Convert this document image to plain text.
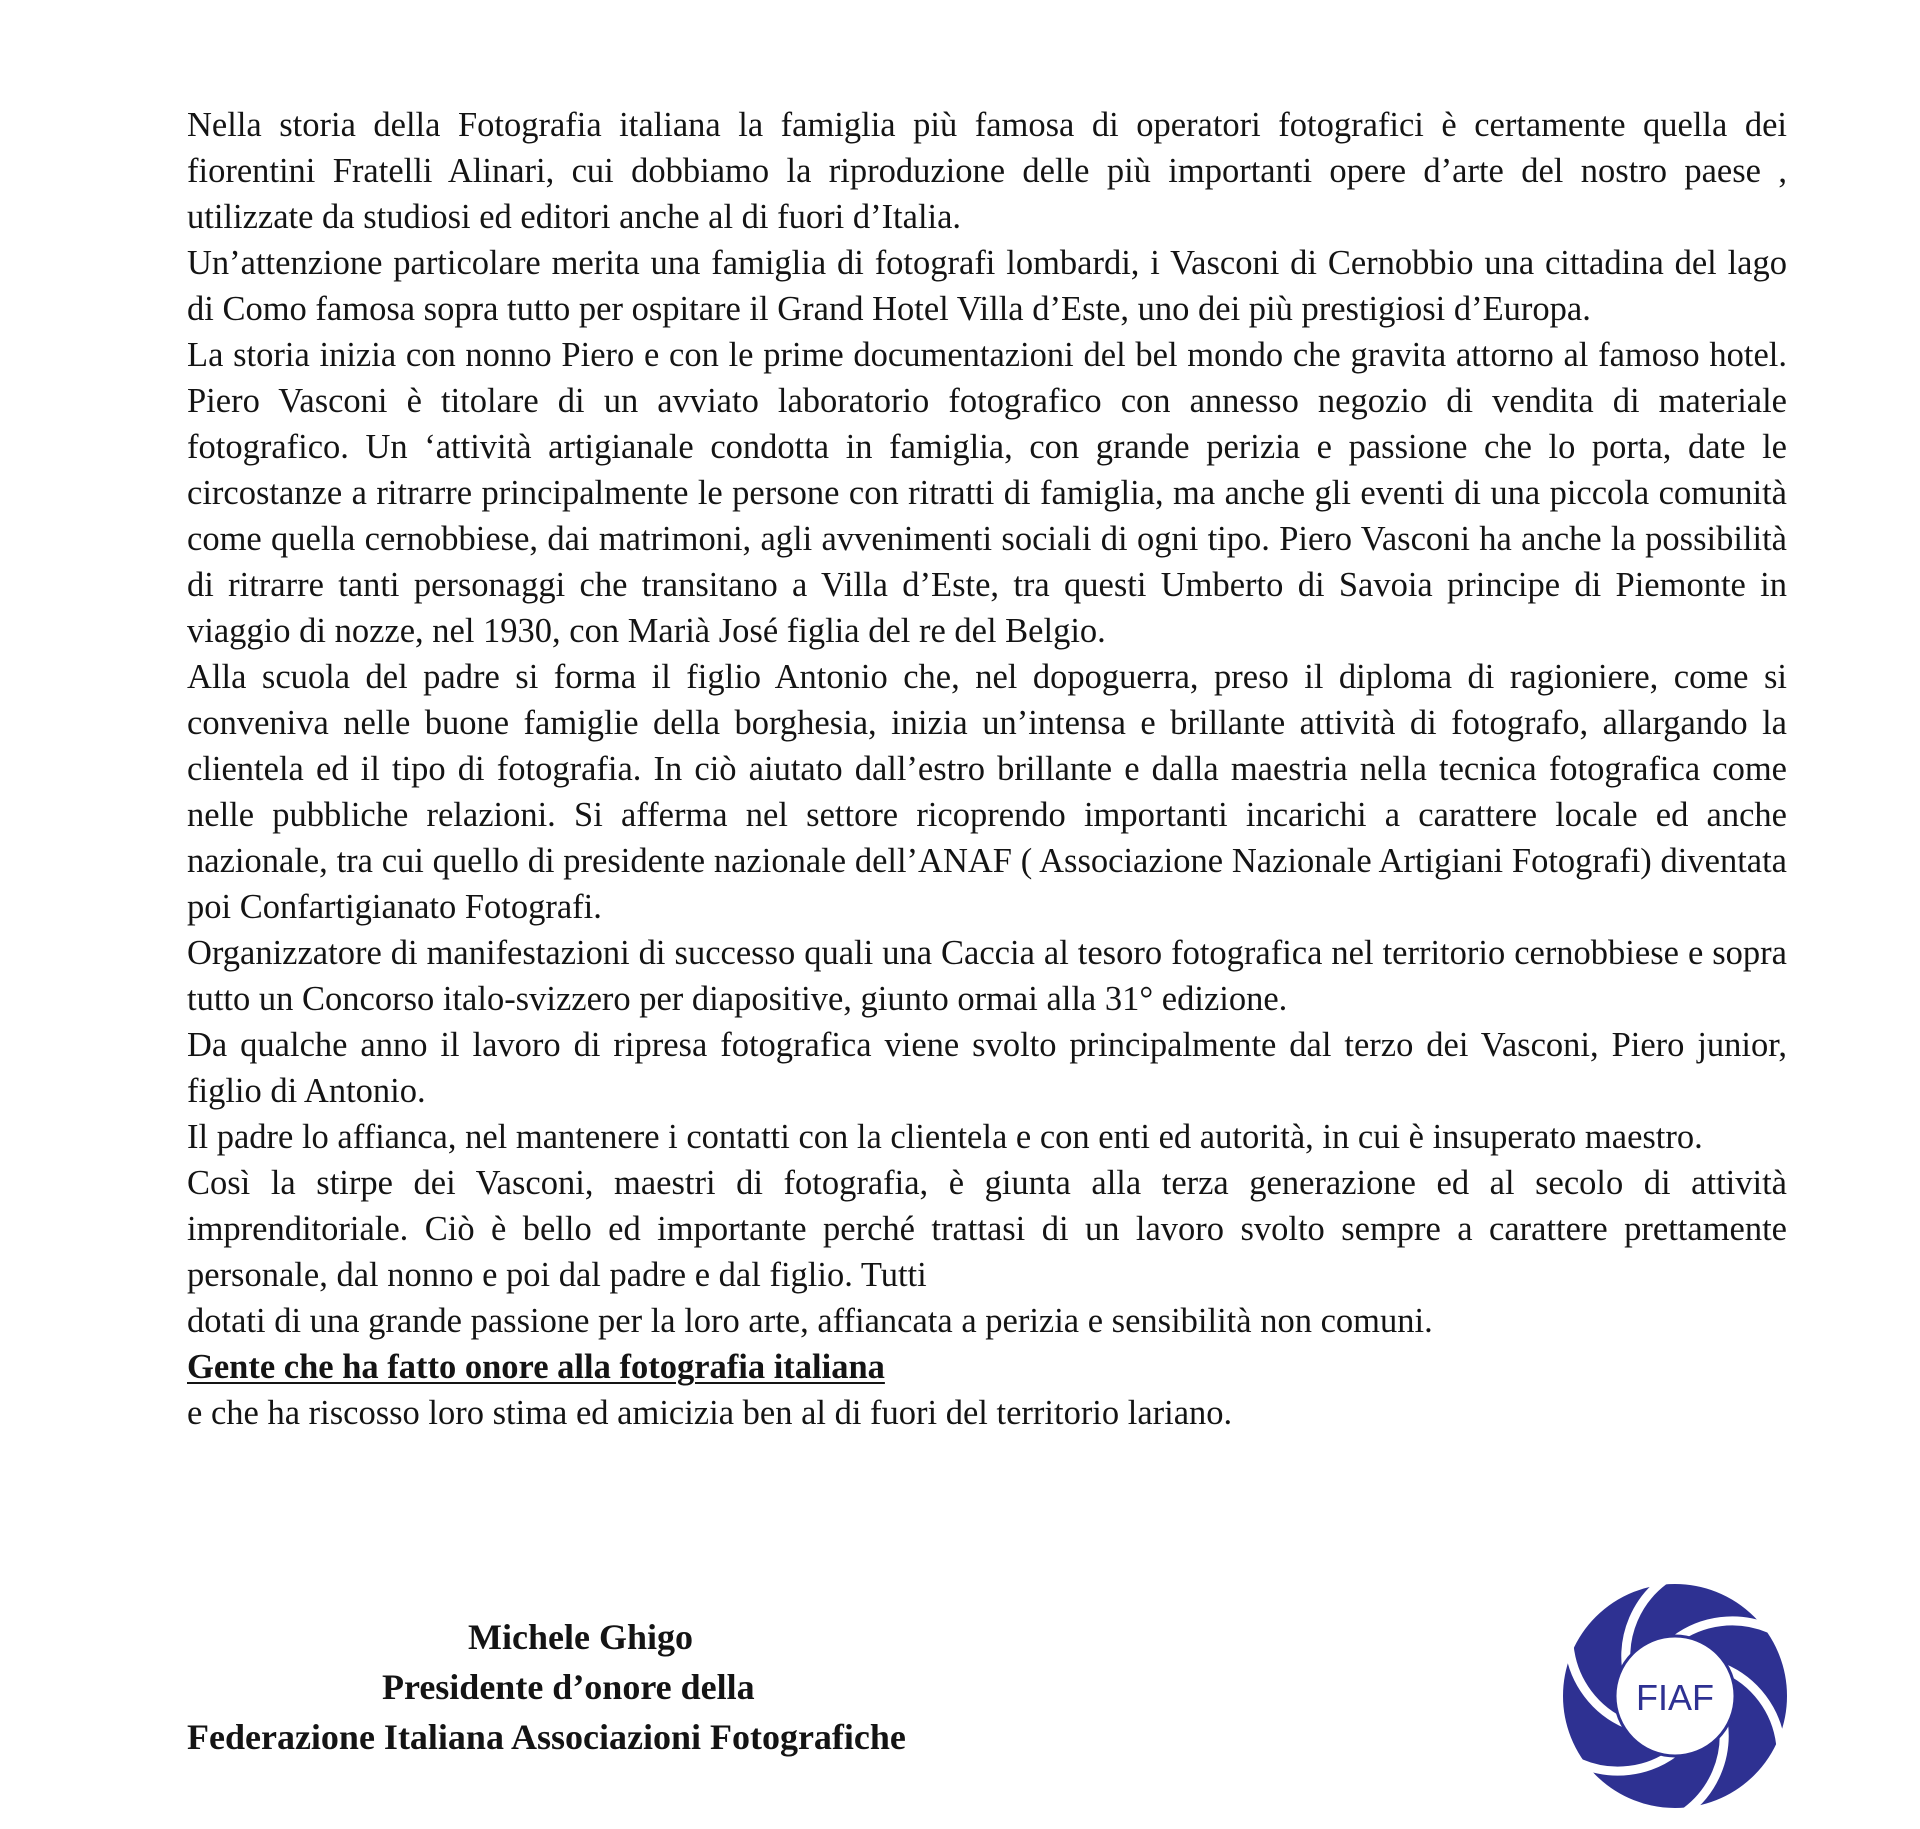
Nella storia della Fotografia italiana la famiglia più famosa di operatori fotografici è certamente quella dei fiorentini Fratelli Alinari, cui dobbiamo la riproduzione delle più importanti opere d’arte del nostro paese , utilizzate da studiosi ed editori anche al di fuori d’Italia.

Un’attenzione particolare merita una famiglia di fotografi lombardi, i Vasconi di Cernobbio una cittadina del lago di Como famosa sopra tutto per ospitare il Grand Hotel Villa d’Este, uno dei più prestigiosi d’Europa.

La storia inizia con nonno Piero e con le prime documentazioni del bel mondo che gravita attorno al famoso hotel. Piero Vasconi è titolare di un avviato laboratorio fotografico con annesso negozio di vendita di materiale fotografico. Un ‘attività artigianale condotta in famiglia, con grande perizia e passione che lo porta, date le circostanze a ritrarre principalmente le persone con ritratti di famiglia, ma anche gli eventi di una piccola comunità come quella cernobbiese, dai matrimoni, agli avvenimenti sociali di ogni tipo. Piero Vasconi ha anche la possibilità di ritrarre tanti personaggi che transitano a Villa d’Este, tra questi Umberto di Savoia principe di Piemonte in viaggio di nozze, nel 1930, con Marià José figlia del re del Belgio.

Alla scuola del padre si forma il figlio Antonio che, nel dopoguerra, preso il diploma di ragioniere, come si conveniva nelle buone famiglie della borghesia, inizia un’intensa e brillante attività di fotografo, allargando la clientela ed il tipo di fotografia. In ciò aiutato dall’estro brillante e dalla maestria nella tecnica fotografica come nelle pubbliche relazioni. Si afferma nel settore ricoprendo importanti incarichi a carattere locale ed anche nazionale, tra cui quello di presidente nazionale dell’ANAF ( Associazione Nazionale Artigiani Fotografi) diventata poi Confartigianato Fotografi.

Organizzatore di manifestazioni di successo quali una Caccia al tesoro fotografica nel territorio cernobbiese e sopra tutto un Concorso italo-svizzero per diapositive, giunto ormai alla 31° edizione.

Da qualche anno il lavoro di ripresa fotografica viene svolto principalmente dal terzo dei Vasconi, Piero junior, figlio di Antonio.

Il padre lo affianca, nel mantenere i contatti con la clientela e con enti ed autorità, in cui è insuperato maestro.

Così la stirpe dei Vasconi, maestri di fotografia, è giunta alla terza generazione ed al secolo di attività imprenditoriale. Ciò è bello ed importante perché trattasi di un lavoro svolto sempre a carattere prettamente personale, dal nonno e poi dal padre e dal figlio. Tutti

dotati di una grande passione per la loro arte, affiancata a perizia e sensibilità non comuni.

Gente che ha fatto onore alla fotografia italiana

e che ha riscosso loro stima ed amicizia ben al di fuori del territorio lariano.

Michele Ghigo
Presidente d’onore della
Federazione Italiana Associazioni Fotografiche
FIAF
